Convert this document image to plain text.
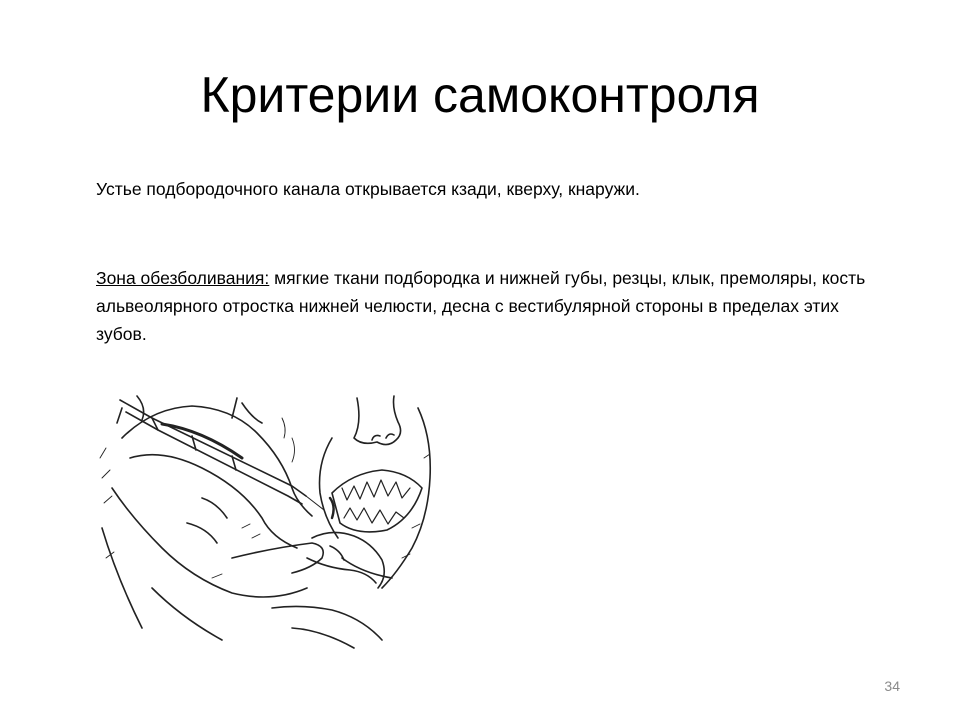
Критерии самоконтроля

Устье подбородочного канала открывается кзади, кверху, кнаружи.

Зона обезболивания: мягкие ткани подбородка и нижней губы, резцы, клык, премоляры, кость альвеолярного отростка нижней челюсти, десна с вестибулярной стороны в пределах этих зубов.

34
